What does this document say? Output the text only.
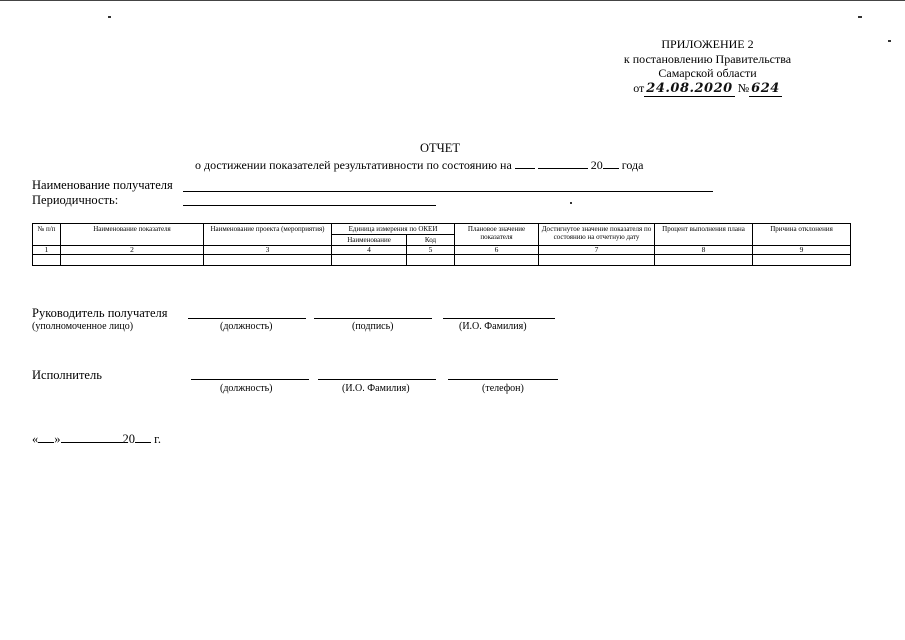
ПРИЛОЖЕНИЕ 2
к постановлению Правительства
Самарской области
от 24.08.2020 № 624
ОТЧЕТ
о достижении показателей результативности по состоянию на	20 года
Наименование получателя
Периодичность:
№ п/п	Наименование показателя	Наименование проекта (мероприятия)	Единица измерения по ОКЕИ		Плановое значение показателя	Достигнутое значение показателя по состоянию на отчетную дату	Процент выполнения плана	Причина отклонения
			Наименование	Код				
1	2	3	4	5	6	7	8	9

Руководитель получателя
(уполномоченное лицо)	(должность)	(подпись)	(И.О. Фамилия)
Исполнитель
(должность)	(И.О. Фамилия)	(телефон)
« »	20 г.
